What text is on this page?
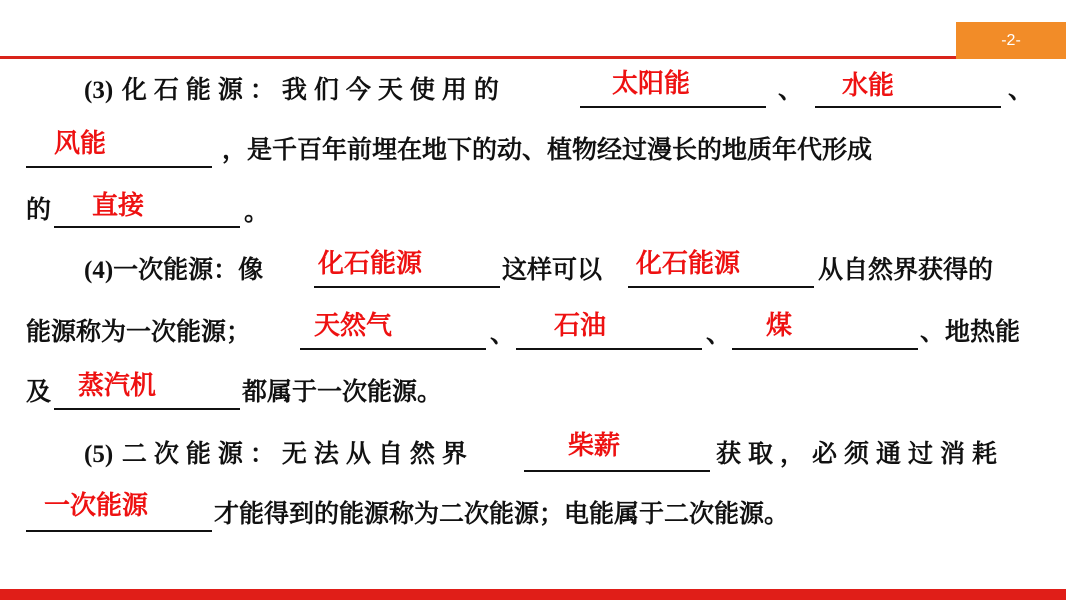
-2-
(3) 化石能源：我们今天使用的	太阳能	、 水能	、
风能	，是千百年前埋在地下的动、植物经过漫长的地质年代形成
的 直接	。
(4)一次能源：像 化石能源	这样可以 化石能源	从自然界获得的
能源称为一次能源； 天然气	、 石油	、 煤	、地热能
及 蒸汽机	都属于一次能源。
(5) 二次能源：无法从自然界	柴薪	获取，必须通过消耗
一次能源	才能得到的能源称为二次能源；电能属于二次能源。
